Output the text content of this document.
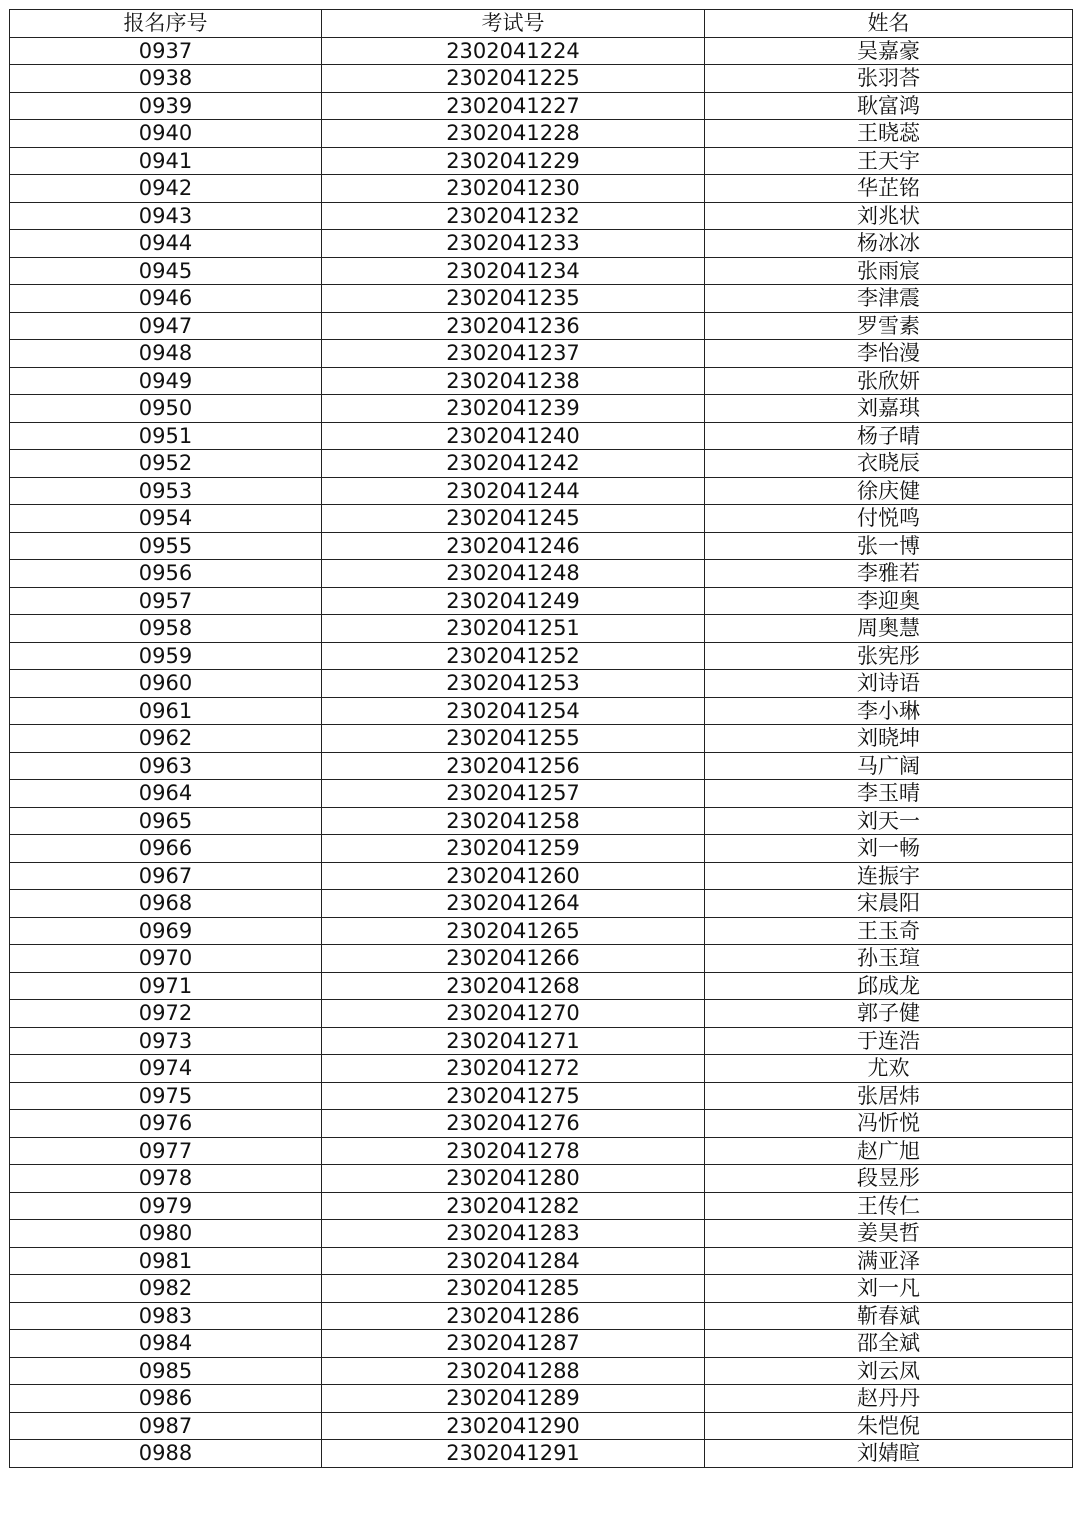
报名序号	考试号	姓名
0937	2302041224	吴嘉豪
0938	2302041225	张羽荅
0939	2302041227	耿富鸿
0940	2302041228	王晓蕊
0941	2302041229	王天宇
0942	2302041230	华芷铭
0943	2302041232	刘兆状
0944	2302041233	杨冰冰
0945	2302041234	张雨宸
0946	2302041235	李津震
0947	2302041236	罗雪素
0948	2302041237	李怡漫
0949	2302041238	张欣妍
0950	2302041239	刘嘉琪
0951	2302041240	杨子晴
0952	2302041242	衣晓辰
0953	2302041244	徐庆健
0954	2302041245	付悦鸣
0955	2302041246	张一博
0956	2302041248	李雅若
0957	2302041249	李迎奥
0958	2302041251	周奥慧
0959	2302041252	张宪彤
0960	2302041253	刘诗语
0961	2302041254	李小琳
0962	2302041255	刘晓坤
0963	2302041256	马广阔
0964	2302041257	李玉晴
0965	2302041258	刘天一
0966	2302041259	刘一畅
0967	2302041260	连振宇
0968	2302041264	宋晨阳
0969	2302041265	王玉奇
0970	2302041266	孙玉瑄
0971	2302041268	邱成龙
0972	2302041270	郭子健
0973	2302041271	于连浩
0974	2302041272	尤欢
0975	2302041275	张居炜
0976	2302041276	冯忻悦
0977	2302041278	赵广旭
0978	2302041280	段昱彤
0979	2302041282	王传仁
0980	2302041283	姜昊哲
0981	2302041284	满亚泽
0982	2302041285	刘一凡
0983	2302041286	靳春斌
0984	2302041287	邵全斌
0985	2302041288	刘云凤
0986	2302041289	赵丹丹
0987	2302041290	朱恺倪
0988	2302041291	刘婧暄
